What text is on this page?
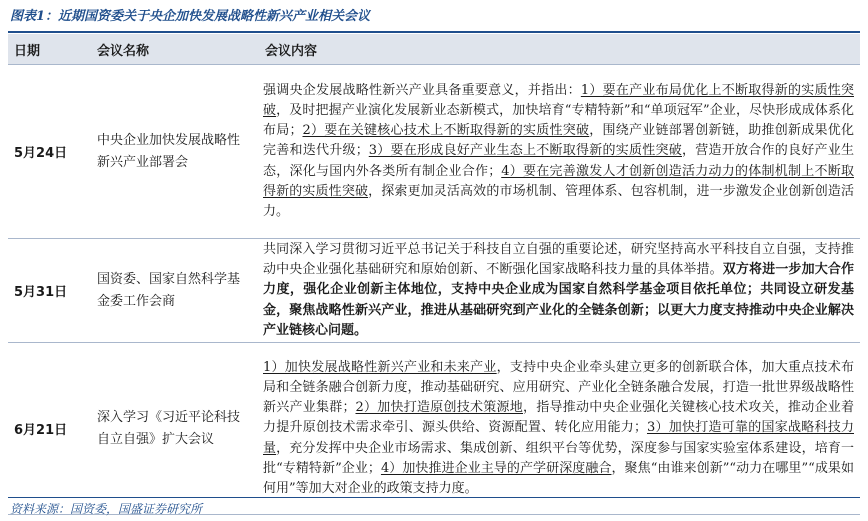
图表1：近期国资委关于央企加快发展战略性新兴产业相关会议
日期	会议名称	会议内容
5月24日	中央企业加快发展战略性新兴产业部署会	强调央企发展战略性新兴产业具备重要意义，并指出：1）要在产业布局优化上不断取得新的实质性突破，及时把握产业演化发展新业态新模式，加快培育“专精特新”和“单项冠军”企业，尽快形成成体系化布局；2）要在关键核心技术上不断取得新的实质性突破，围绕产业链部署创新链，助推创新成果优化完善和迭代升级；3）要在形成良好产业生态上不断取得新的实质性突破，营造开放合作的良好产业生态，深化与国内外各类所有制企业合作；4）要在完善激发人才创新创造活力动力的体制机制上不断取得新的实质性突破，探索更加灵活高效的市场机制、管理体系、包容机制，进一步激发企业创新创造活力。
5月31日	国资委、国家自然科学基金委工作会商	共同深入学习贯彻习近平总书记关于科技自立自强的重要论述，研究坚持高水平科技自立自强，支持推动中央企业强化基础研究和原始创新、不断强化国家战略科技力量的具体举措。双方将进一步加大合作力度，强化企业创新主体地位，支持中央企业成为国家自然科学基金项目依托单位；共同设立研发基金，聚焦战略性新兴产业，推进从基础研究到产业化的全链条创新；以更大力度支持推动中央企业解决产业链核心问题。
6月21日	深入学习《习近平论科技自立自强》扩大会议	1）加快发展战略性新兴产业和未来产业，支持中央企业牵头建立更多的创新联合体，加大重点技术布局和全链条融合创新力度，推动基础研究、应用研究、产业化全链条融合发展，打造一批世界级战略性新兴产业集群；2）加快打造原创技术策源地，指导推动中央企业强化关键核心技术攻关，推动企业着力提升原创技术需求牵引、源头供给、资源配置、转化应用能力；3）加快打造可靠的国家战略科技力量，充分发挥中央企业市场需求、集成创新、组织平台等优势，深度参与国家实验室体系建设，培育一批“专精特新”企业；4）加快推进企业主导的产学研深度融合，聚焦“由谁来创新”“动力在哪里”“成果如何用”等加大对企业的政策支持力度。
资料来源：国资委，国盛证券研究所
